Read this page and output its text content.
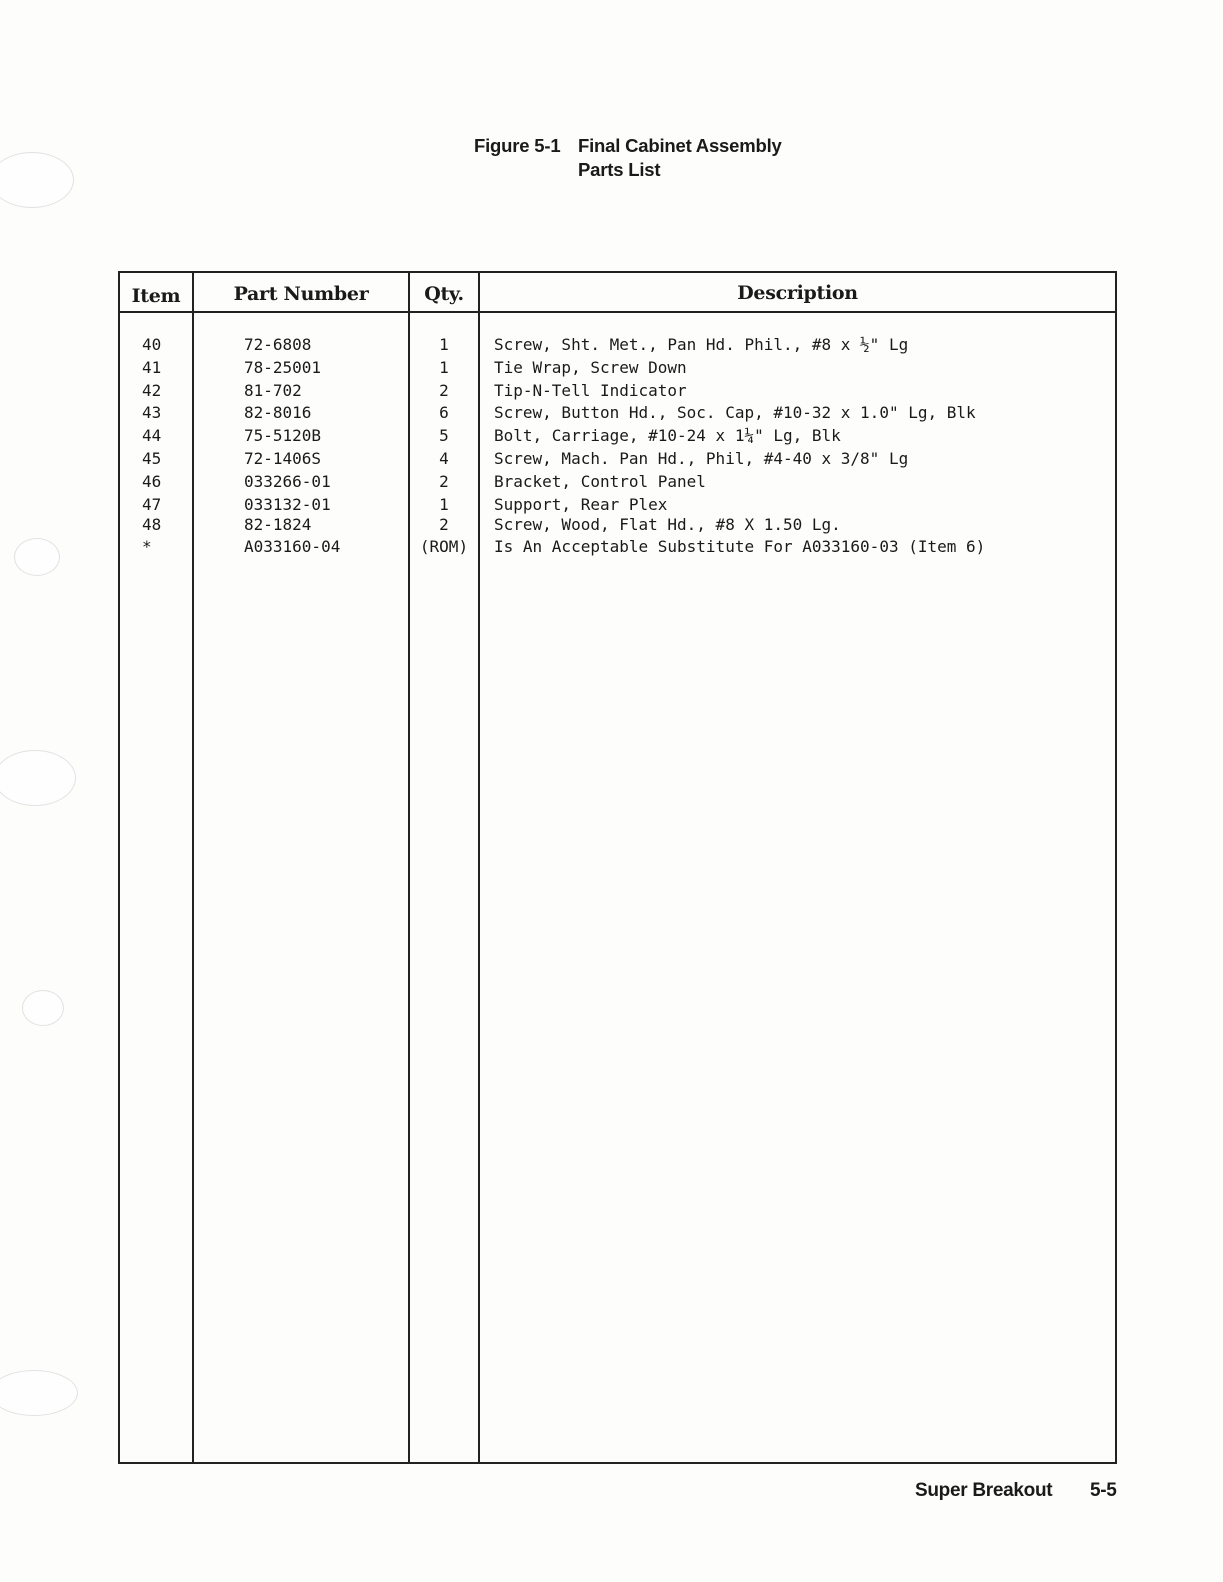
Figure 5-1 Final Cabinet Assembly
Parts List
Item	Part Number	Qty.	Description
40	72-6808	1	Screw, Sht. Met., Pan Hd. Phil., #8 x ½" Lg
41	78-25001	1	Tie Wrap, Screw Down
42	81-702	2	Tip-N-Tell Indicator
43	82-8016	6	Screw, Button Hd., Soc. Cap, #10-32 x 1.0" Lg, Blk
44	75-5120B	5	Bolt, Carriage, #10-24 x 1¼" Lg, Blk
45	72-1406S	4	Screw, Mach. Pan Hd., Phil, #4-40 x 3/8" Lg
46	033266-01	2	Bracket, Control Panel
47	033132-01	1	Support, Rear Plex
48	82-1824	2	Screw, Wood, Flat Hd., #8 X 1.50 Lg.
*	A033160-04	(ROM)	Is An Acceptable Substitute For A033160-03 (Item 6)
Super Breakout 5-5
